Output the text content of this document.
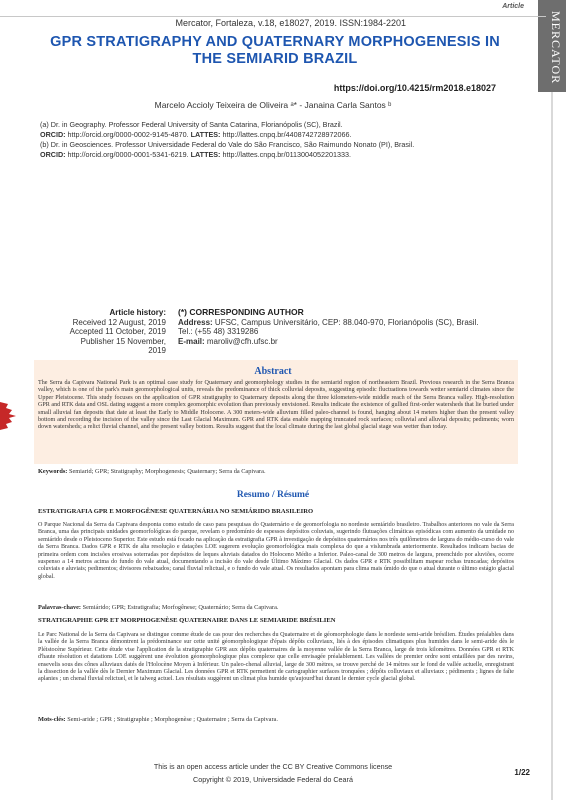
MERCATOR
Article
Mercator, Fortaleza, v.18, e18027, 2019. ISSN:1984-2201
GPR STRATIGRAPHY AND QUATERNARY MORPHOGENESIS IN THE SEMIARID BRAZIL
https://doi.org/10.4215/rm2018.e18027
Marcelo Accioly Teixeira de Oliveira ᵃ* - Janaina Carla Santos ᵇ
(a) Dr. in Geography. Professor Federal University of Santa Catarina, Florianópolis (SC), Brazil.
ORCID: http://orcid.org/0000-0002-9145-4870. LATTES: http://lattes.cnpq.br/4408742728972066.
(b) Dr. in Geosciences. Professor Universidade Federal do Vale do São Francisco, São Raimundo Nonato (PI), Brasil.
ORCID: http://orcid.org/0000-0001-5341-6219. LATTES: http://lattes.cnpq.br/0113004052201333.
Article history:
Received 12 August, 2019
Accepted 11 October, 2019
Publisher 15 November, 2019
(*) CORRESPONDING AUTHOR
Address: UFSC, Campus Universitário, CEP: 88.040-970, Florianópolis (SC), Brasil.
Tel.: (+55 48) 3319286
E-mail: maroliv@cfh.ufsc.br
Abstract
The Serra da Capivara National Park is an optimal case study for Quaternary and geomorphology studies in the semiarid region of northeastern Brazil. Previous research in the Serra Branca valley, which is one of the park's main geomorphological units, reveals the predominance of thick colluvial deposits, suggesting episodic fluctuations towards wetter semiarid climates since the Upper Pleistocene. This study focuses on the application of GPR stratigraphy to Quaternary deposits along the three kilometers-wide middle reach of the Serra Branca valley. High-resolution GPR and RTK data and OSL dating suggest a more complex geomorphic evolution than previously envisioned. Results indicate the existence of gullied first-order watersheds that lie buried under small alluvial fan deposits that date at least the Early to Middle Holocene. A 300 meters-wide alluvium filled paleo-channel is found, hanging about 14 meters higher than the present valley bottom and recording the incision of the valley since the Last Glacial Maximum. GPR and RTK data enable mapping truncated rock surfaces; colluvial and alluvial deposits; pediments; worn down watersheds; a relict fluvial channel, and the present valley bottom. Results suggest that the local climate during the last global glacial stage was wetter than today.
Keywords: Semiarid; GPR; Stratigraphy; Morphogenesis; Quaternary; Serra da Capivara.
Resumo / Résumé
ESTRATIGRAFIA GPR E MORFOGÊNESE QUATERNÁRIA NO SEMIÁRIDO BRASILEIRO
O Parque Nacional da Serra da Capivara desponta como estudo de caso para pesquisas do Quaternário e de geomorfologia no nordeste semiárido brasileiro. Trabalhos anteriores no vale da Serra Branca, uma das principais unidades geomorfológicas do parque, revelam o predomínio de espessos depósitos coluviais, sugerindo flutuações climáticas episódicas com aumento da umidade no semiárido desde o Pleistoceno Superior. Este estudo está focado na aplicação da estratigrafia GPR à investigação de depósitos quaternários nos três quilômetros de largura do médio-curso do vale da Serra Branca. Dados GPR e RTK de alta resolução e datações LOE sugerem evolução geomorfológica mais complexa do que a vislumbrada anteriormente. Resultados indicam bacias de primeira ordem com incisões erosivas soterradas por depósitos de leques aluviais datados do Holoceno Médio a Inferior. Paleo-canal de 300 metros de largura, preenchido por aluviões, ocorre suspenso a 14 metros acima do fundo do vale atual, documentando a incisão do vale desde Último Máximo Glacial. Os dados GPR e RTK possibilitam mapear rochas truncadas; depósitos coluviais e aluviais; pedimentos; divisores rebaixados; canal fluvial relictual, e o fundo do vale atual. Os resultados apontam para clima mais úmido do que o atual durante o último estágio glacial global.
Palavras-chave: Semiárido; GPR; Estratigrafia; Morfogênese; Quaternário; Serra da Capivara.
STRATIGRAPHIE GPR ET MORPHOGENÈSE QUATERNAIRE DANS LE SEMIARIDE BRÉSILIEN
Le Parc National de la Serra da Capivara se distingue comme étude de cas pour des recherches du Quaternaire et de géomorphologie dans le nordeste semi-aride brésilien. Études préalables dans la vallée de la Serra Branca démontrent la prédominance sur cette unité géomorphologique d'épais dépôts colluviaux, liés à des épisodes climatiques plus humides dans le semi-aride dès le Pléistocène Supérieur. Cette étude vise l'application de la stratigraphie GPR aux dépôts quaternaires de la moyenne vallée de la Serra Branca, large de trois kilomètres. Données GPR et RTK d'haute résolution et datations LOE suggèrent une évolution géomorphologique plus complexe que celle envisagée préalablement. Les vallées de premier ordre sont entaillées par des ravins, ensevelis sous des cônes alluviaux datés de l'Holocène Moyen à Inférieur. Un paleo-chenal alluvial, large de 300 mètres, se trouve perché de 14 mètres sur le fond de vallée actuelle, enregistrant la dissection de la vallée dès le Dernier Maximum Glacial. Les données GPR et RTK permettent de cartographier surfaces tronquées ; dépôts colluviaux et alluviaux ; pédiments ; lignes de faîte aplanies ; un chenal fluvial relictuel, et le talweg actuel. Les résultats suggèrent un climat plus humide qu'aujourd'hui durant le dernier cycle glacial global.
Mots-clés: Semi-aride ; GPR ; Stratigraphie ; Morphogenèse ; Quaternaire ; Serra da Capivara.
This is an open access article under the CC BY Creative Commons license
Copyright © 2019, Universidade Federal do Ceará
1/22
